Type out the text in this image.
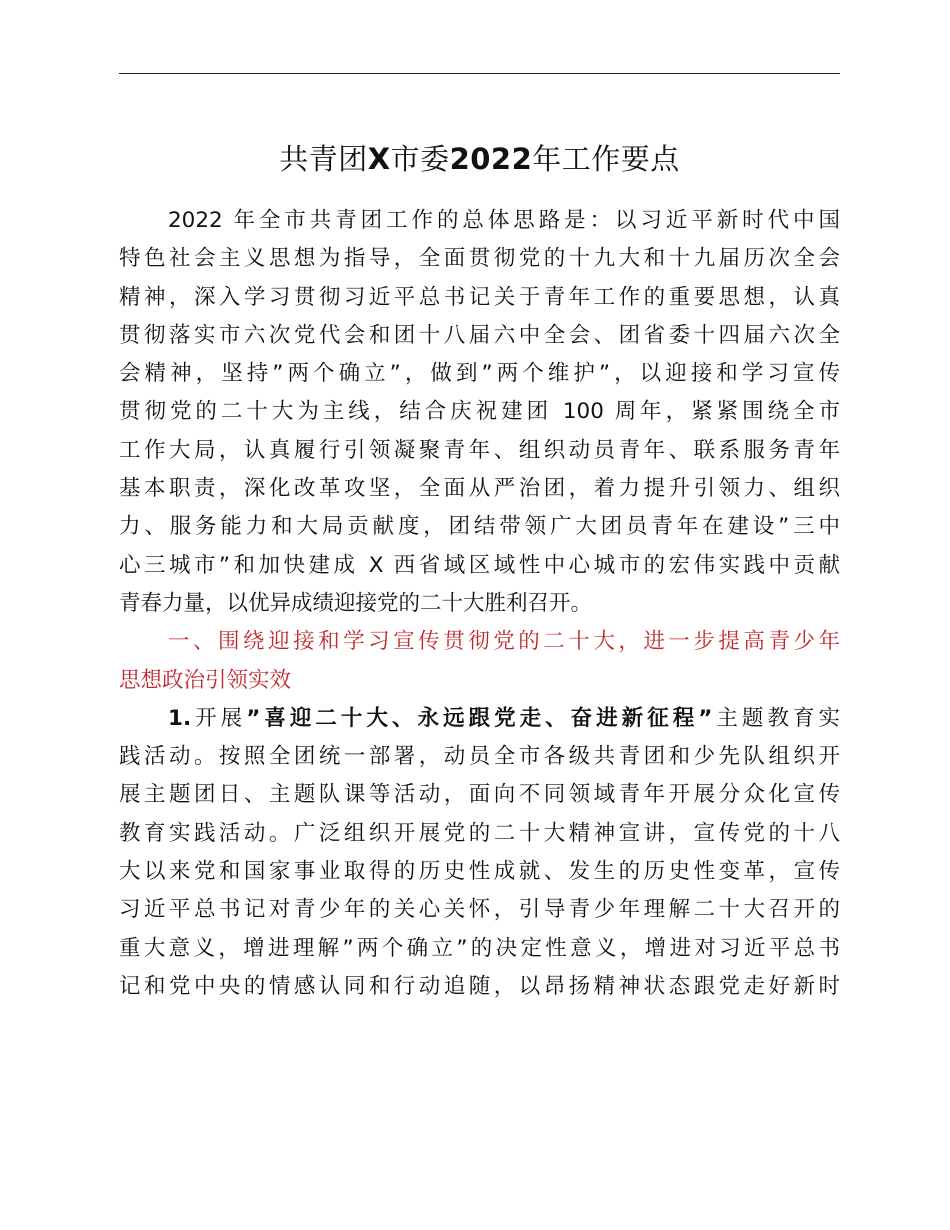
共青团X市委2022年工作要点
2022 年全市共青团工作的总体思路是：以习近平新时代中国
特色社会主义思想为指导，全面贯彻党的十九大和十九届历次全会
精神，深入学习贯彻习近平总书记关于青年工作的重要思想，认真
贯彻落实市六次党代会和团十八届六中全会、团省委十四届六次全
会精神，坚持”两个确立”，做到”两个维护”，以迎接和学习宣传
贯彻党的二十大为主线，结合庆祝建团 100 周年，紧紧围绕全市
工作大局，认真履行引领凝聚青年、组织动员青年、联系服务青年
基本职责，深化改革攻坚，全面从严治团，着力提升引领力、组织
力、服务能力和大局贡献度，团结带领广大团员青年在建设”三中
心三城市”和加快建成 X 西省域区域性中心城市的宏伟实践中贡献
青春力量，以优异成绩迎接党的二十大胜利召开。
一、围绕迎接和学习宣传贯彻党的二十大，进一步提高青少年
思想政治引领实效
1.开展”喜迎二十大、永远跟党走、奋进新征程”主题教育实
践活动。按照全团统一部署，动员全市各级共青团和少先队组织开
展主题团日、主题队课等活动，面向不同领域青年开展分众化宣传
教育实践活动。广泛组织开展党的二十大精神宣讲，宣传党的十八
大以来党和国家事业取得的历史性成就、发生的历史性变革，宣传
习近平总书记对青少年的关心关怀，引导青少年理解二十大召开的
重大意义，增进理解”两个确立”的决定性意义，增进对习近平总书
记和党中央的情感认同和行动追随，以昂扬精神状态跟党走好新时
